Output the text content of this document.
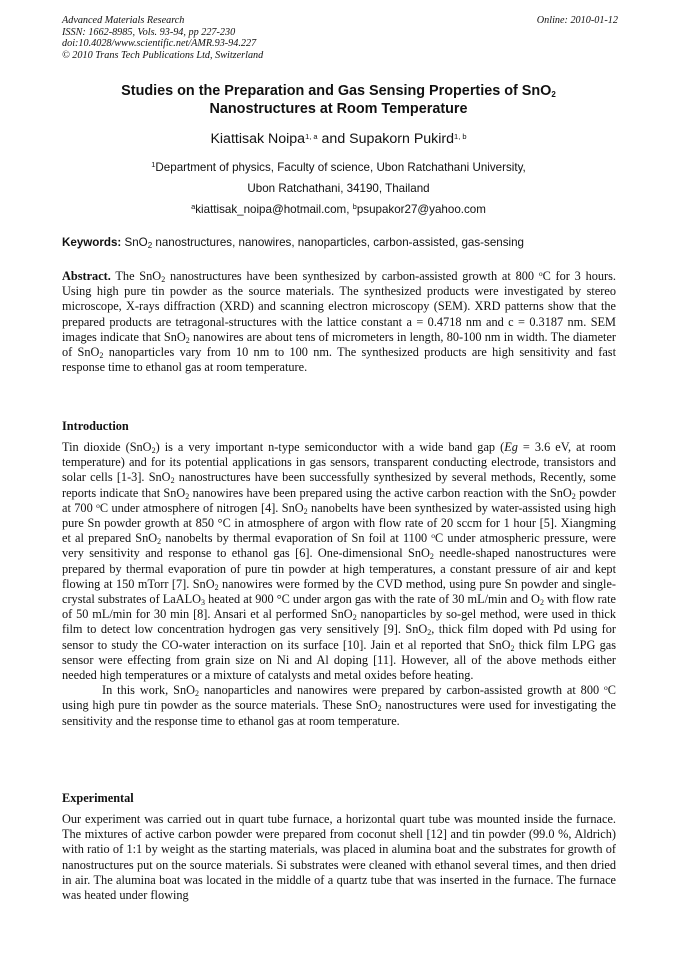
Advanced Materials Research
ISSN: 1662-8985, Vols. 93-94, pp 227-230
doi:10.4028/www.scientific.net/AMR.93-94.227
© 2010 Trans Tech Publications Ltd, Switzerland
Online: 2010-01-12
Studies on the Preparation and Gas Sensing Properties of SnO$_2$
Nanostructures at Room Temperature
Kiattisak Noipa$^{1, a}$ and Supakorn Pukird$^{1, b}$
$^1$Department of physics, Faculty of science, Ubon Ratchathani University,
Ubon Ratchathani, 34190, Thailand
$^a$kiattisak_noipa@hotmail.com, $^b$psupakor27@yahoo.com
Keywords: SnO$_2$ nanostructures, nanowires, nanoparticles, carbon-assisted, gas-sensing

Abstract. The SnO$_2$ nanostructures have been synthesized by carbon-assisted growth at 800 $^o$C for 3 hours. Using high pure tin powder as the source materials. The synthesized products were investigated by stereo microscope, X-rays diffraction (XRD) and scanning electron microscopy (SEM). XRD patterns show that the prepared products are tetragonal-structures with the lattice constant a = 0.4718 nm and c = 0.3187 nm. SEM images indicate that SnO$_2$ nanowires are about tens of micrometers in length, 80-100 nm in width. The diameter of SnO$_2$ nanoparticles vary from 10 nm to 100 nm. The synthesized products are high sensitivity and fast response time to ethanol gas at room temperature.

Introduction

Tin dioxide (SnO$_2$) is a very important n-type semiconductor with a wide band gap (Eg = 3.6 eV, at room temperature) and for its potential applications in gas sensors, transparent conducting electrode, transistors and solar cells [1-3]. SnO$_2$ nanostructures have been successfully synthesized by several methods, Recently, some reports indicate that SnO$_2$ nanowires have been prepared using the active carbon reaction with the SnO$_2$ powder at 700 $^o$C under atmosphere of nitrogen [4]. SnO$_2$ nanobelts have been synthesized by water-assisted using high pure Sn powder growth at 850 °C in atmosphere of argon with flow rate of 20 sccm for 1 hour [5]. Xiangming et al prepared SnO$_2$ nanobelts by thermal evaporation of Sn foil at 1100 $^o$C under atmospheric pressure, were very sensitivity and response to ethanol gas [6]. One-dimensional SnO$_2$ needle-shaped nanostructures were prepared by thermal evaporation of pure tin powder at high temperatures, a constant pressure of air and kept flowing at 150 mTorr [7]. SnO$_2$ nanowires were formed by the CVD method, using pure Sn powder and single-crystal substrates of LaALO$_3$ heated at 900 °C under argon gas with the rate of 30 mL/min and $O_2$ with flow rate of 50 mL/min for 30 min [8]. Ansari et al performed SnO$_2$ nanoparticles by so-gel method, were used in thick film to detect low concentration hydrogen gas very sensitively [9]. SnO$_2$, thick film doped with Pd using for sensor to study the CO-water interaction on its surface [10]. Jain et al reported that SnO$_2$ thick film LPG gas sensor were effecting from grain size on Ni and Al doping [11]. However, all of the above methods either needed high temperatures or a mixture of catalysts and metal oxides before heating.

In this work, SnO$_2$ nanoparticles and nanowires were prepared by carbon-assisted growth at 800 $^o$C using high pure tin powder as the source materials. These SnO$_2$ nanostructures were used for investigating the sensitivity and the response time to ethanol gas at room temperature.

Experimental

Our experiment was carried out in quart tube furnace, a horizontal quart tube was mounted inside the furnace. The mixtures of active carbon powder were prepared from coconut shell [12] and tin powder (99.0 %, Aldrich) with ratio of 1:1 by weight as the starting materials, was placed in alumina boat and the substrates for growth of nanostructures put on the source materials. Si substrates were cleaned with ethanol several times, and then dried in air. The alumina boat was located in the middle of a quartz tube that was inserted in the furnace. The furnace was heated under flowing
